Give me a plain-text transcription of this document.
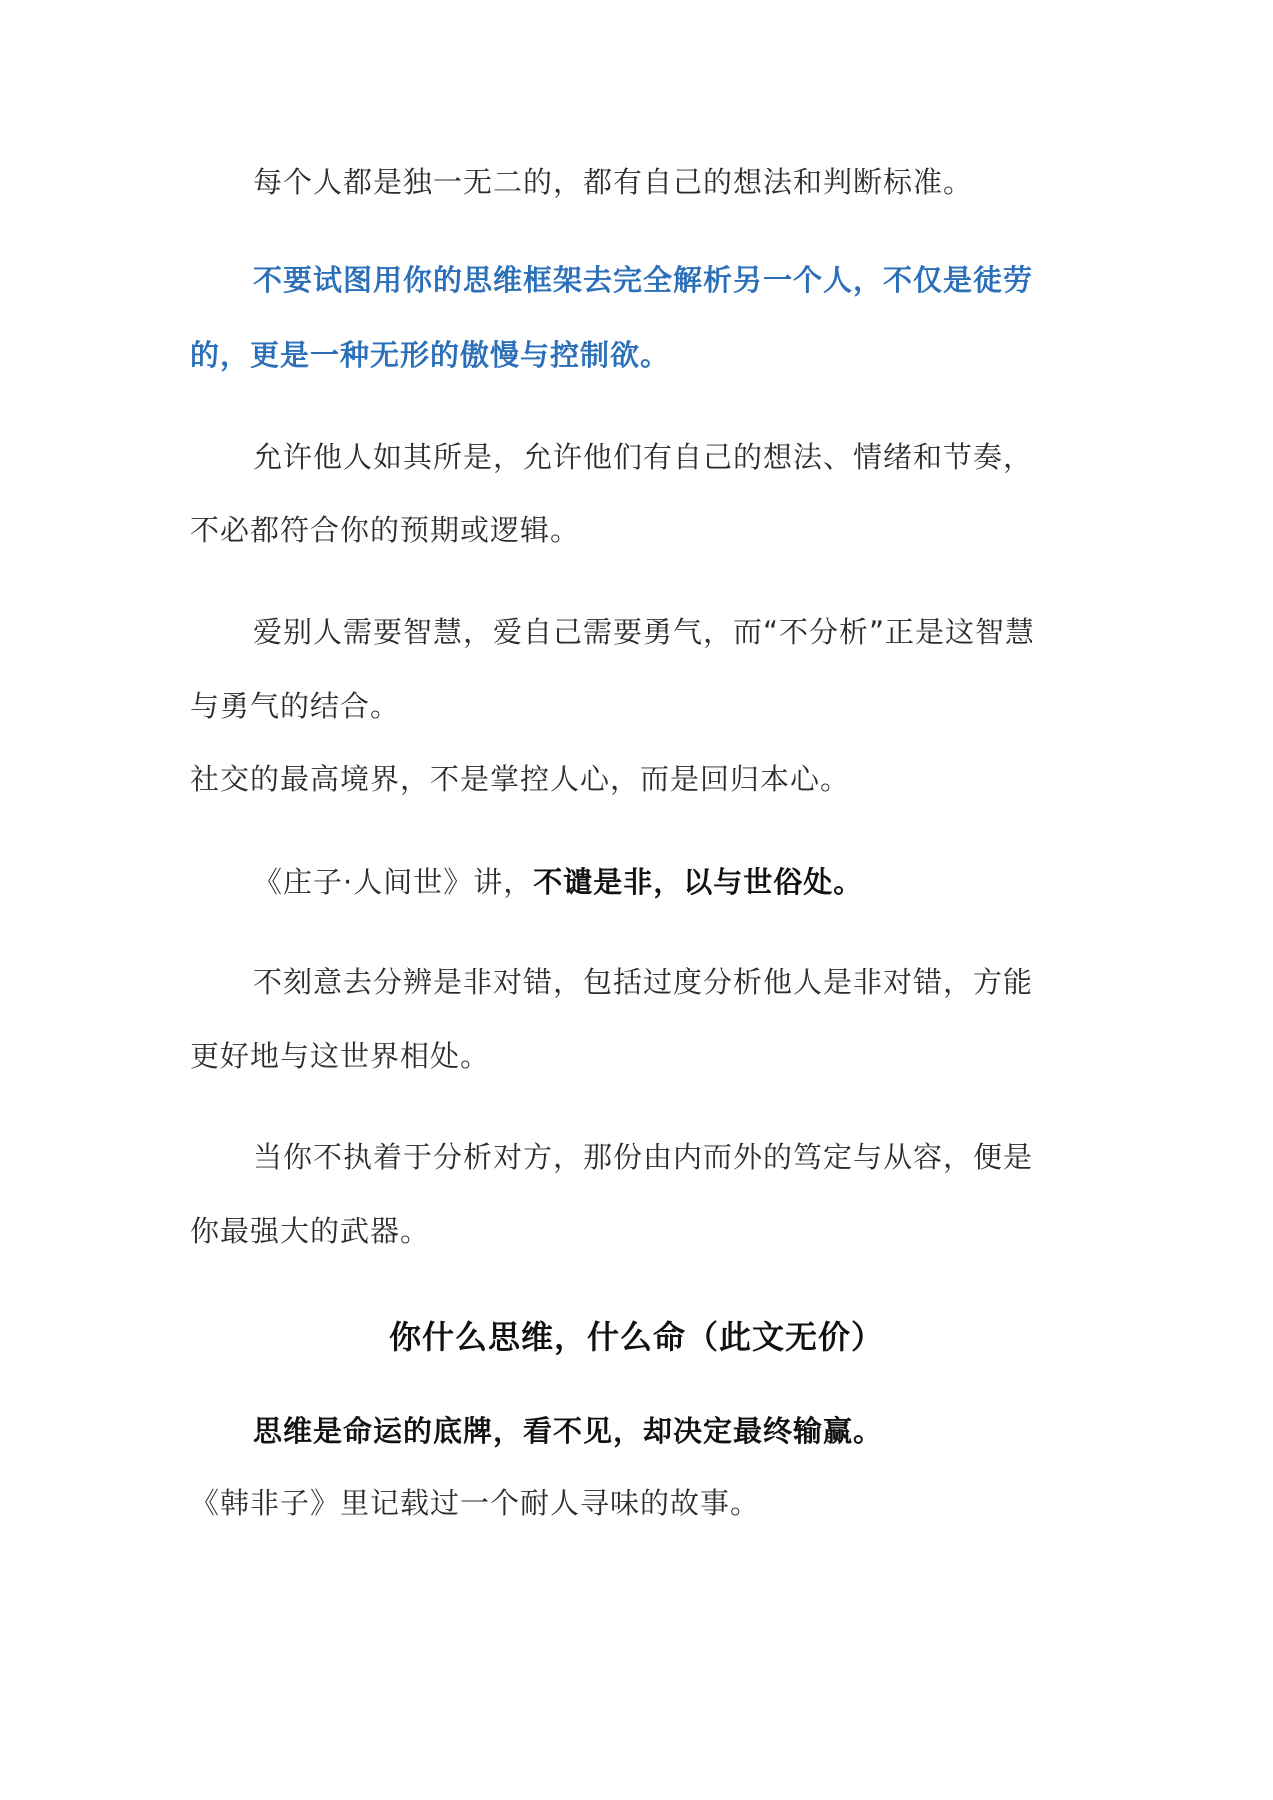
每个人都是独一无二的，都有自己的想法和判断标准。
不要试图用你的思维框架去完全解析另一个人，不仅是徒劳
的，更是一种无形的傲慢与控制欲。
允许他人如其所是，允许他们有自己的想法、情绪和节奏，
不必都符合你的预期或逻辑。
爱别人需要智慧，爱自己需要勇气，而“不分析”正是这智慧
与勇气的结合。
社交的最高境界，不是掌控人心，而是回归本心。
《庄子·人间世》讲，不谴是非，以与世俗处。
不刻意去分辨是非对错，包括过度分析他人是非对错，方能
更好地与这世界相处。
当你不执着于分析对方，那份由内而外的笃定与从容，便是
你最强大的武器。
你什么思维，什么命（此文无价）
思维是命运的底牌，看不见，却决定最终输赢。
《韩非子》里记载过一个耐人寻味的故事。
